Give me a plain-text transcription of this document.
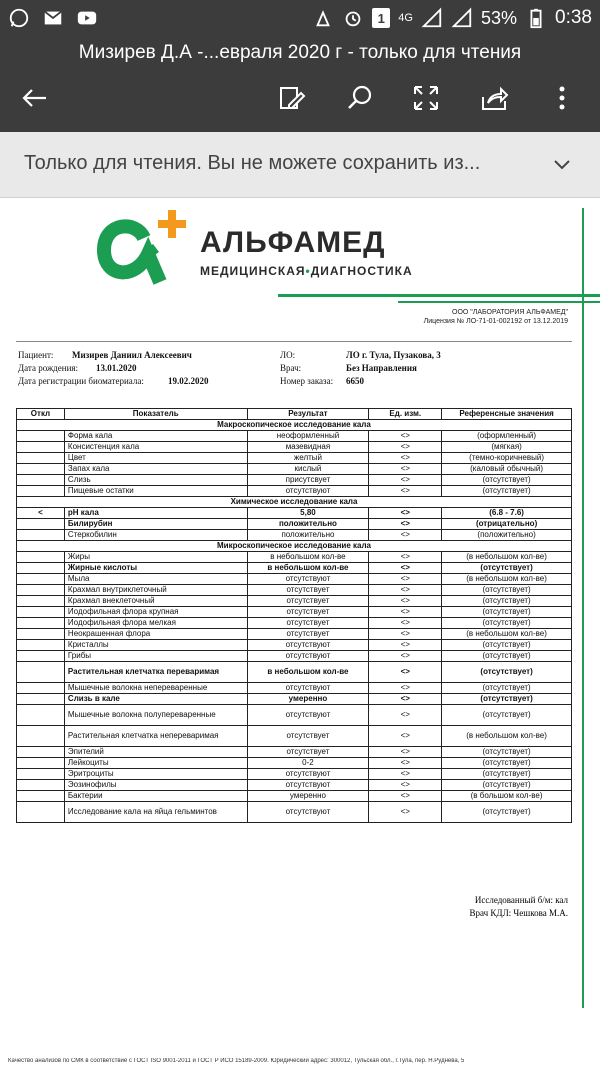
1 4G	53% 0:38
Мизирев Д.А -...евраля 2020 г - только для чтения
Только для чтения. Вы не можете сохранить из...
АЛЬФАМЕД
МЕДИЦИНСКАЯ•ДИАГНОСТИКА
ООО "ЛАБОРАТОРИЯ АЛЬФАМЕД"
Лицензия № ЛО-71-01-002192 от 13.12.2019
Пациент: Мизирев Даниил Алексеевич
Дата рождения: 13.01.2020
Дата регистрации биоматериала:	19.02.2020
ЛО:	ЛО г. Тула, Пузакова, 3
Врач:	Без Направления
Номер заказа: 6650
Откл	Показатель	Результат	Ед. изм.	Референсные значения
Макроскопическое исследование кала				
	Форма кала	неоформленный	<>	(оформленный)
	Консистенция кала	мазевидная	<>	(мягкая)
	Цвет	желтый	<>	(темно-коричневый)
	Запах кала	кислый	<>	(каловый обычный)
	Слизь	присутсвует	<>	(отсутствует)
	Пищевые остатки	отсутствуют	<>	(отсутствует)
Химическое исследование кала				
<	pH кала	5,80	<>	(6.8 - 7.6)
	Билирубин	положительно	<>	(отрицательно)
	Стеркобилин	положительно	<>	(положительно)
Микроскопическое исследование кала				
	Жиры	в небольшом кол-ве	<>	(в небольшом кол-ве)
	Жирные кислоты	в небольшом кол-ве	<>	(отсутствует)
	Мыла	отсутствуют	<>	(в небольшом кол-ве)
	Крахмал внутриклеточный	отсутствует	<>	(отсутствует)
	Крахмал внеклеточный	отсутствует	<>	(отсутствует)
	Иодофильная флора крупная	отсутствует	<>	(отсутствует)
	Иодофильная флора мелкая	отсутствует	<>	(отсутствует)
	Неокрашенная флора	отсутствует	<>	(в небольшом кол-ве)
	Кристаллы	отсутствуют	<>	(отсутствует)
	Грибы	отсутствуют	<>	(отсутствует)
	Растительная клетчатка переваримая	в небольшом кол-ве	<>	(отсутствует)
	Мышечные волокна непереваренные	отсутствуют	<>	(отсутствует)
	Слизь в кале	умеренно	<>	(отсутствует)
	Мышечные волокна полупереваренные	отсутствуют	<>	(отсутствует)
	Растительная клетчатка непереваримая	отсутствует	<>	(в небольшом кол-ве)
	Эпителий	отсутствует	<>	(отсутствует)
	Лейкоциты	0-2	<>	(отсутствует)
	Эритроциты	отсутствуют	<>	(отсутствует)
	Эозинофилы	отсутствуют	<>	(отсутствует)
	Бактерии	умеренно	<>	(в большом кол-ве)
	Исследование кала на яйца гельминтов	отсутствуют	<>	(отсутствует)
Исследованный б/м: кал
Врач КДЛ: Чешкова М.А.
Качество анализов по СМК в соответствие с ГОСТ ISO 9001-2011 и ГОСТ Р ИСО 15189-2009. Юридический адрес: 300012, Тульская обл., г.Тула, пер. Н.Руднева, 5
